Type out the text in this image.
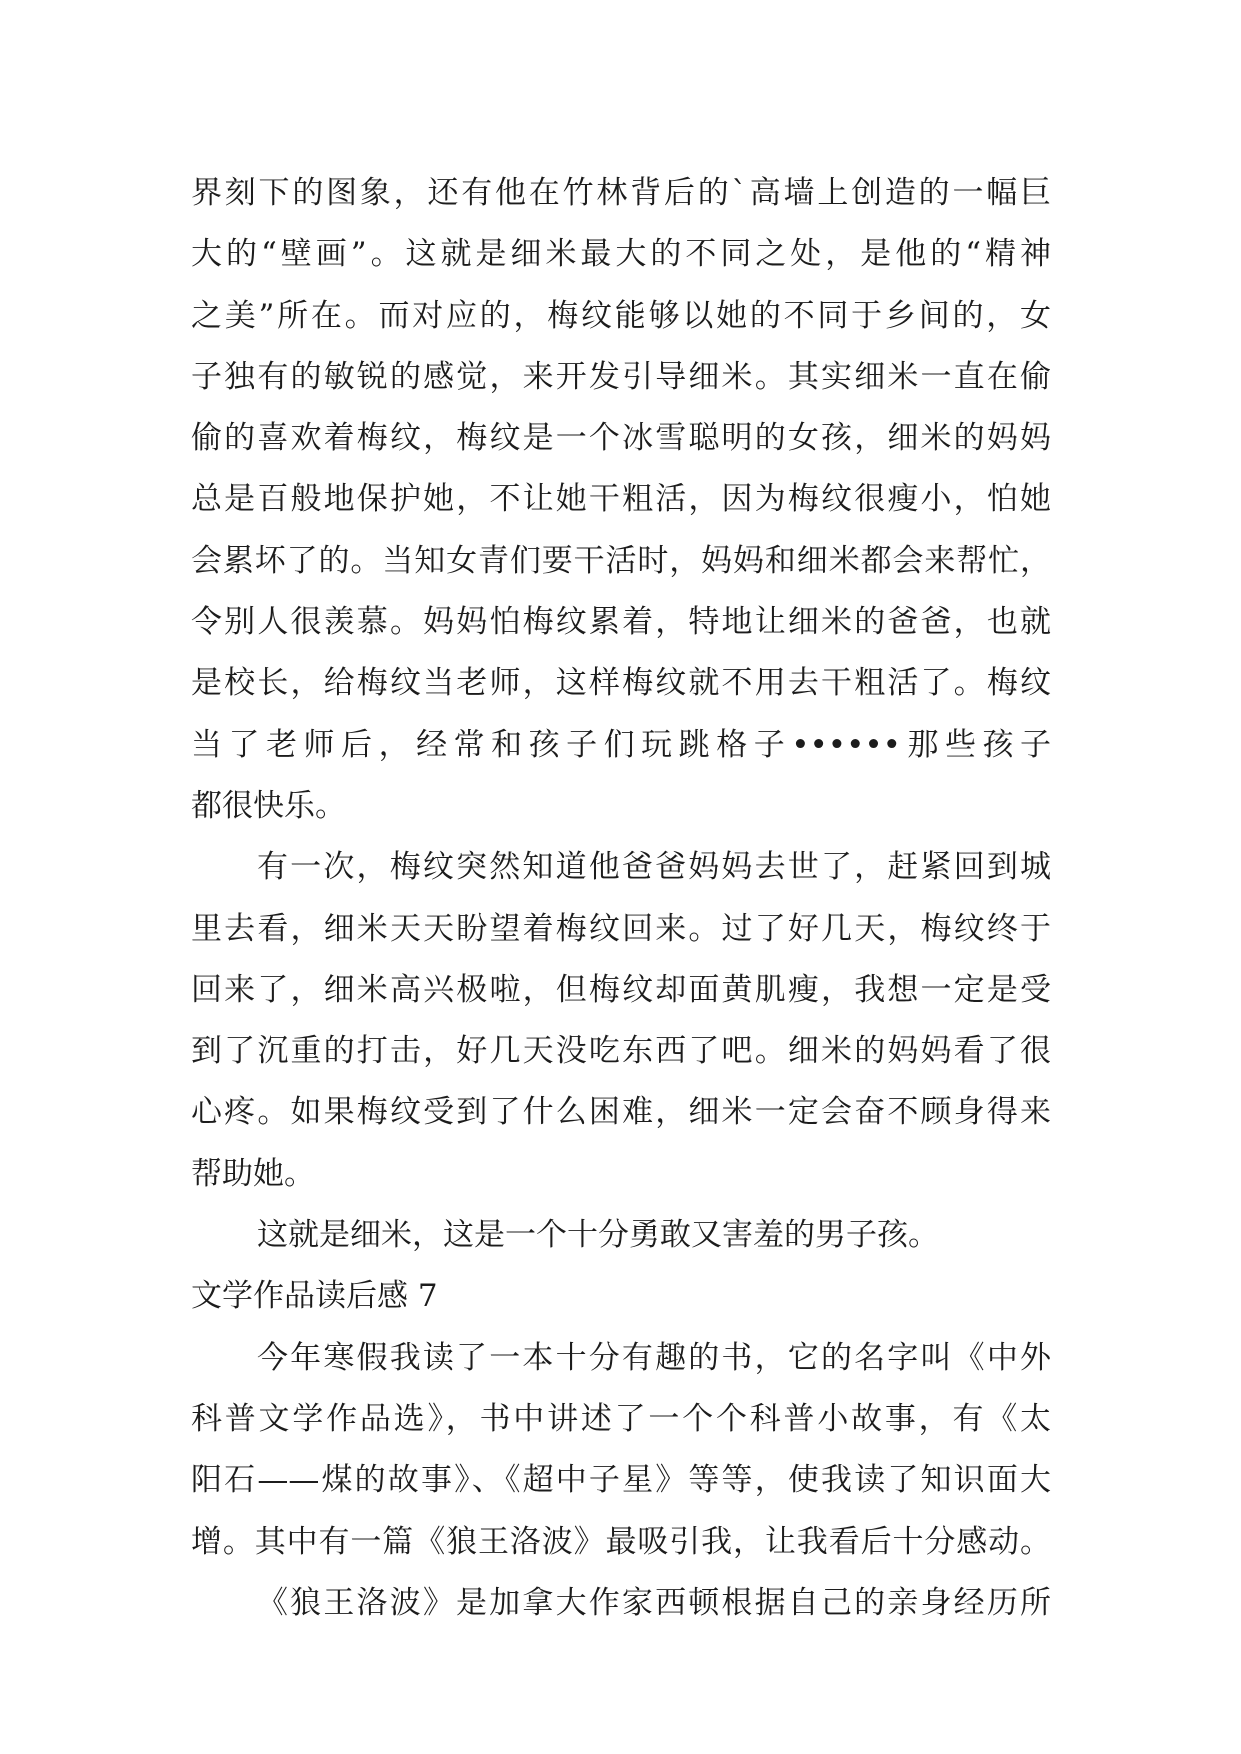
界刻下的图象，还有他在竹林背后的`高墙上创造的一幅巨
大的“壁画”。这就是细米最大的不同之处，是他的“精神
之美”所在。而对应的，梅纹能够以她的不同于乡间的，女
子独有的敏锐的感觉，来开发引导细米。其实细米一直在偷
偷的喜欢着梅纹，梅纹是一个冰雪聪明的女孩，细米的妈妈
总是百般地保护她，不让她干粗活，因为梅纹很瘦小，怕她
会累坏了的。当知女青们要干活时，妈妈和细米都会来帮忙，
令别人很羡慕。妈妈怕梅纹累着，特地让细米的爸爸，也就
是校长，给梅纹当老师，这样梅纹就不用去干粗活了。梅纹
当了老师后，经常和孩子们玩跳格子••••••那些孩子
都很快乐。
有一次，梅纹突然知道他爸爸妈妈去世了，赶紧回到城
里去看，细米天天盼望着梅纹回来。过了好几天，梅纹终于
回来了，细米高兴极啦，但梅纹却面黄肌瘦，我想一定是受
到了沉重的打击，好几天没吃东西了吧。细米的妈妈看了很
心疼。如果梅纹受到了什么困难，细米一定会奋不顾身得来
帮助她。
这就是细米，这是一个十分勇敢又害羞的男子孩。
文学作品读后感 7
今年寒假我读了一本十分有趣的书，它的名字叫《中外
科普文学作品选》，书中讲述了一个个科普小故事，有《太
阳石——煤的故事》、《超中子星》等等，使我读了知识面大
增。其中有一篇《狼王洛波》最吸引我，让我看后十分感动。
《狼王洛波》是加拿大作家西顿根据自己的亲身经历所
